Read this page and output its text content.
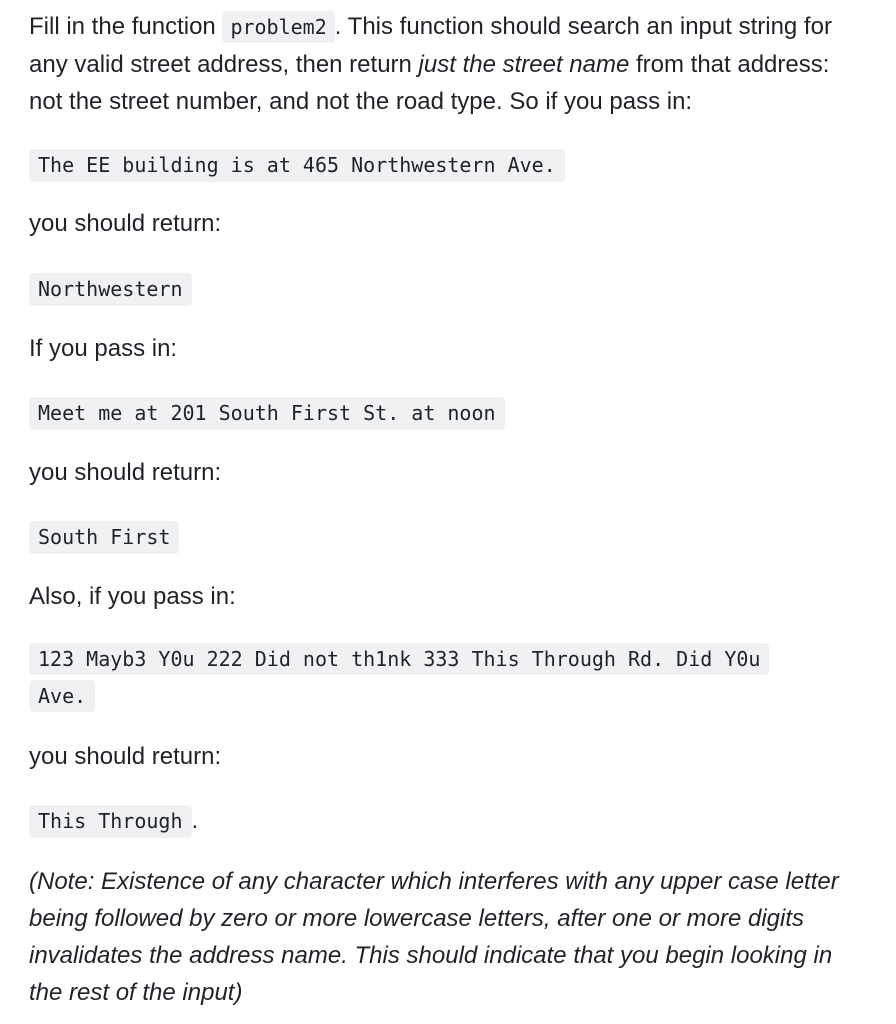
Fill in the function problem2 . This function should search an input string for any valid street address, then return just the street name from that address: not the street number, and not the road type. So if you pass in:

The EE building is at 465 Northwestern Ave.

you should return:

Northwestern

If you pass in:

Meet me at 201 South First St. at noon

you should return:

South First

Also, if you pass in:

123 Mayb3 Y0u 222 Did not th1nk 333 This Through Rd. Did Y0u Ave.

you should return:

This Through .

(Note: Existence of any character which interferes with any upper case letter being followed by zero or more lowercase letters, after one or more digits invalidates the address name. This should indicate that you begin looking in the rest of the input)
